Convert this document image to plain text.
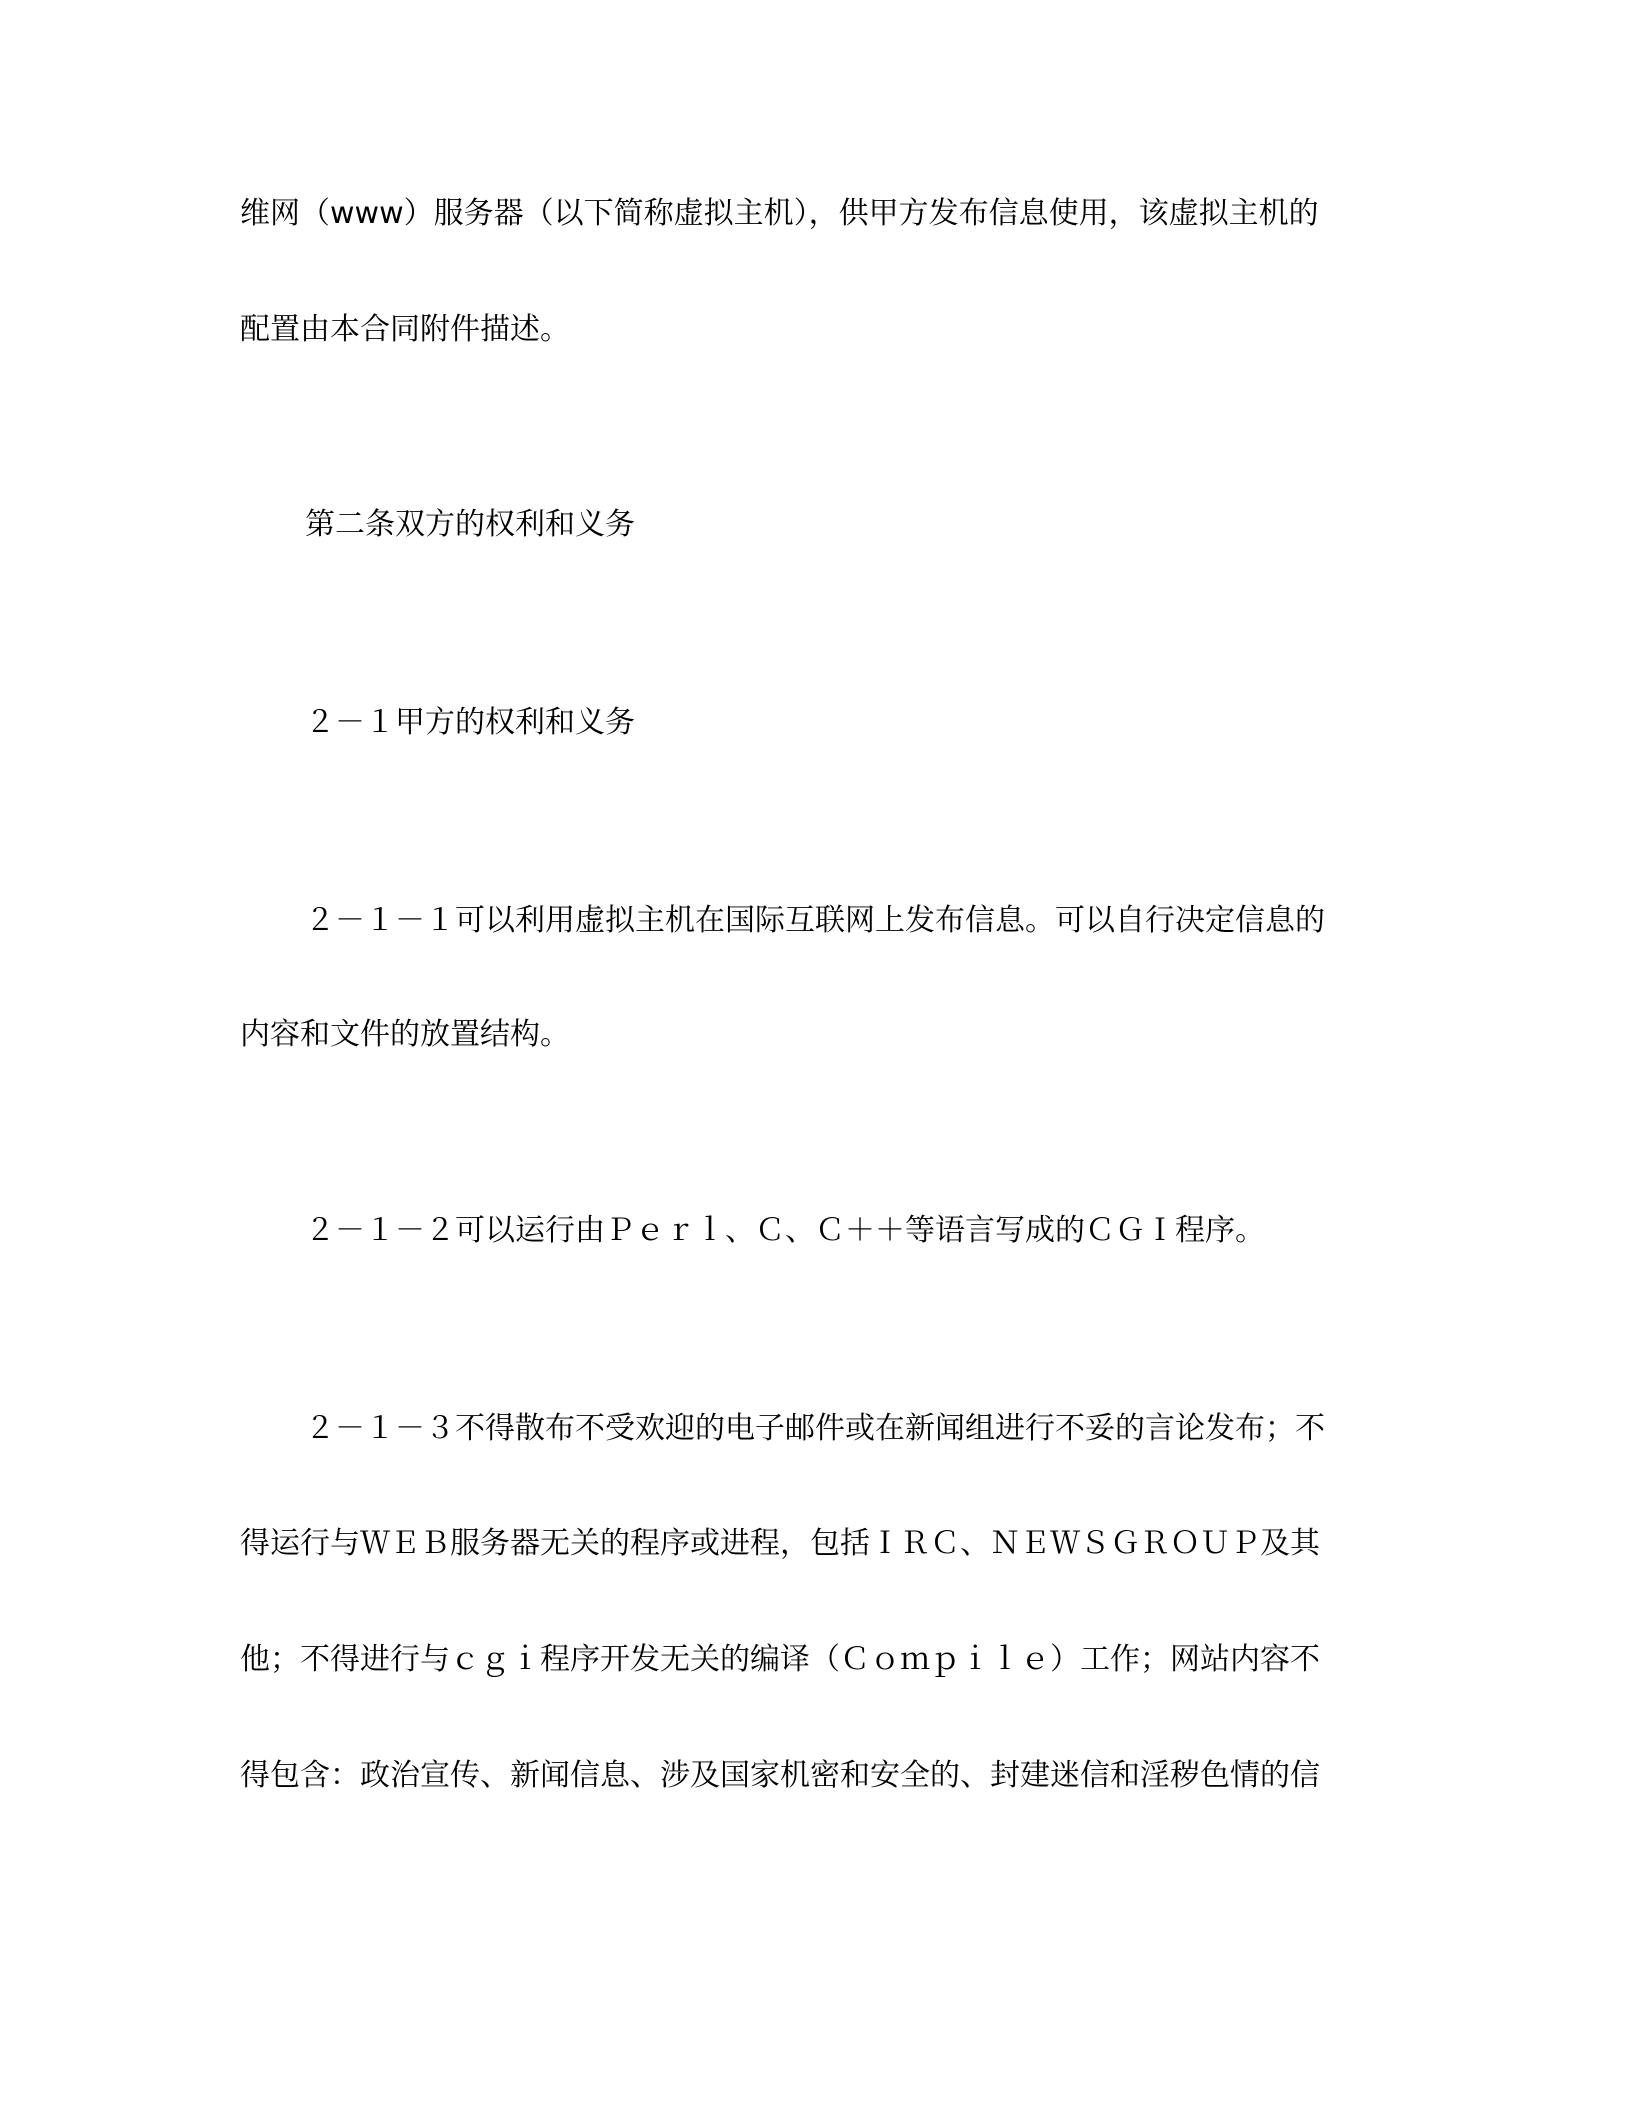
维网（www）服务器（以下简称虚拟主机），供甲方发布信息使用，该虚拟主机的
配置由本合同附件描述。
第二条双方的权利和义务
２－１甲方的权利和义务
２－１－１可以利用虚拟主机在国际互联网上发布信息。可以自行决定信息的
内容和文件的放置结构。
２－１－２可以运行由Ｐｅｒｌ、Ｃ、Ｃ＋＋等语言写成的ＣＧＩ程序。
２－１－３不得散布不受欢迎的电子邮件或在新闻组进行不妥的言论发布；不
得运行与ＷＥＢ服务器无关的程序或进程，包括ＩＲＣ、ＮＥＷＳＧＲＯＵＰ及其
他；不得进行与ｃｇｉ程序开发无关的编译（Ｃｏｍｐｉｌｅ）工作；网站内容不
得包含：政治宣传、新闻信息、涉及国家机密和安全的、封建迷信和淫秽色情的信
